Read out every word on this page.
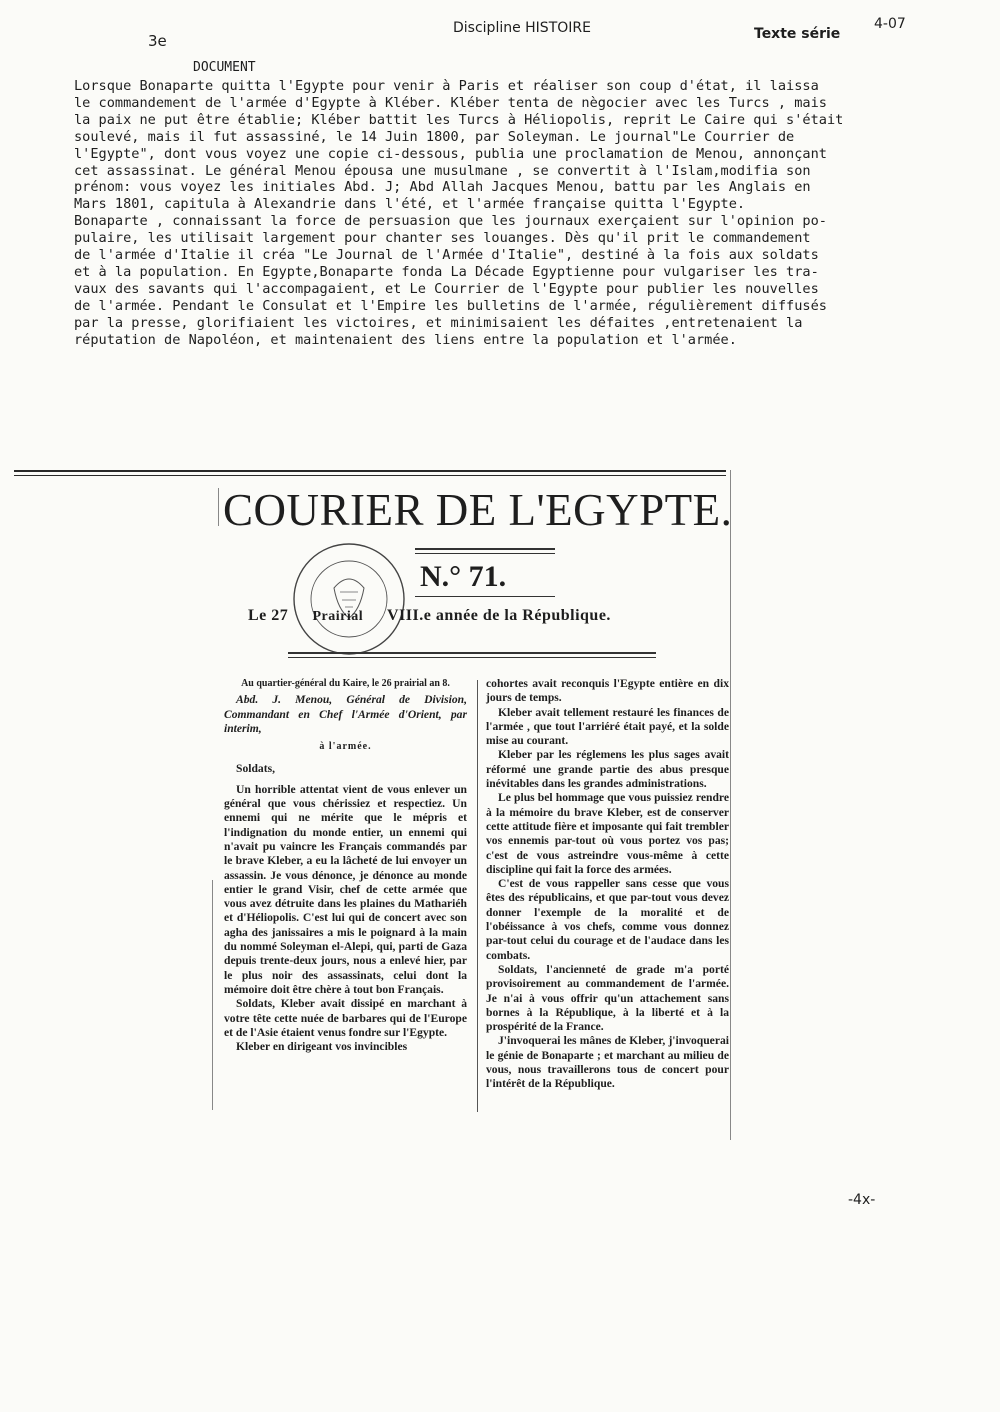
3e
Discipline HISTOIRE	Texte série
4-07
DOCUMENT

Lorsque Bonaparte quitta l'Egypte pour venir à Paris et réaliser son coup d'état, il laissa
le commandement de l'armée d'Egypte à Kléber. Kléber tenta de nègocier avec les Turcs , mais
la paix ne put être établie; Kléber battit les Turcs à Héliopolis, reprit Le Caire qui s'était
soulevé, mais il fut assassiné, le 14 Juin 1800, par Soleyman. Le journal"Le Courrier de
l'Egypte", dont vous voyez une copie ci-dessous, publia une proclamation de Menou, annonçant
cet assassinat. Le général Menou épousa une musulmane , se convertit à l'Islam,modifia son
prénom: vous voyez les initiales Abd. J; Abd Allah Jacques Menou, battu par les Anglais en
Mars 1801, capitula à Alexandrie dans l'été, et l'armée française quitta l'Egypte.

Bonaparte , connaissant la force de persuasion que les journaux exerçaient sur l'opinion po-
pulaire, les utilisait largement pour chanter ses louanges. Dès qu'il prit le commandement
de l'armée d'Italie il créa "Le Journal de l'Armée d'Italie", destiné à la fois aux soldats
et à la population. En Egypte,Bonaparte fonda La Décade Egyptienne pour vulgariser les tra-
vaux des savants qui l'accompagaient, et Le Courrier de l'Egypte pour publier les nouvelles
de l'armée. Pendant le Consulat et l'Empire les bulletins de l'armée, régulièrement diffusés
par la presse, glorifiaient les victoires, et minimisaient les défaites ,entretenaient la
réputation de Napoléon, et maintenaient des liens entre la population et l'armée.

COURIER DE L'EGYPTE.
N.° 71.
Le 27 Prairial VIII.e année de la République.

Au quartier-général du Kaire, le 26 prairial an 8.

Abd. J. Menou, Général de Division, Commandant en Chef l'Armée d'Orient, par interim,

à l'armée.

Soldats,

Un horrible attentat vient de vous enlever un général que vous chérissiez et respectiez. Un ennemi qui ne mérite que le mépris et l'indignation du monde entier, un ennemi qui n'avait pu vaincre les Français commandés par le brave Kleber, a eu la lâcheté de lui envoyer un assassin. Je vous dénonce, je dénonce au monde entier le grand Visir, chef de cette armée que vous avez détruite dans les plaines du Mathariéh et d'Héliopolis. C'est lui qui de concert avec son agha des janissaires a mis le poignard à la main du nommé Soleyman el-Alepi, qui, parti de Gaza depuis trente-deux jours, nous a enlevé hier, par le plus noir des assassinats, celui dont la mémoire doit être chère à tout bon Français.

Soldats, Kleber avait dissipé en marchant à votre tête cette nuée de barbares qui de l'Europe et de l'Asie étaient venus fondre sur l'Egypte.

Kleber en dirigeant vos invincibles

cohortes avait reconquis l'Egypte entière en dix jours de temps.

Kleber avait tellement restauré les finances de l'armée , que tout l'arriéré était payé, et la solde mise au courant.

Kleber par les réglemens les plus sages avait réformé une grande partie des abus presque inévitables dans les grandes administrations.

Le plus bel hommage que vous puissiez rendre à la mémoire du brave Kleber, est de conserver cette attitude fière et imposante qui fait trembler vos ennemis par-tout où vous portez vos pas; c'est de vous astreindre vous-même à cette discipline qui fait la force des armées.

C'est de vous rappeller sans cesse que vous êtes des républicains, et que par-tout vous devez donner l'exemple de la moralité et de l'obéissance à vos chefs, comme vous donnez par-tout celui du courage et de l'audace dans les combats.

Soldats, l'ancienneté de grade m'a porté provisoirement au commandement de l'armée. Je n'ai à vous offrir qu'un attachement sans bornes à la République, à la liberté et à la prospérité de la France.

J'invoquerai les mânes de Kleber, j'invoquerai le génie de Bonaparte ; et marchant au milieu de vous, nous travaillerons tous de concert pour l'intérêt de la République.

-4x-
